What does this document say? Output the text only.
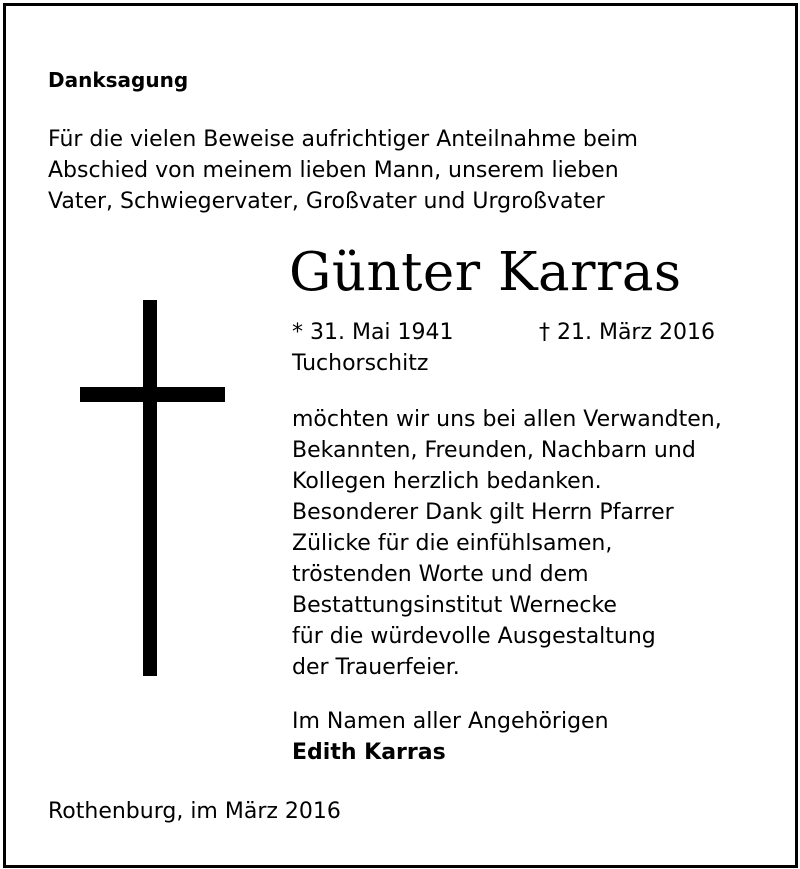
Danksagung
Für die vielen Beweise aufrichtiger Anteilnahme beim
Abschied von meinem lieben Mann, unserem lieben
Vater, Schwiegervater, Großvater und Urgroßvater
Günter Karras
* 31. Mai 1941	† 21. März 2016
Tuchorschitz
möchten wir uns bei allen Verwandten,
Bekannten, Freunden, Nachbarn und
Kollegen herzlich bedanken.
Besonderer Dank gilt Herrn Pfarrer
Zülicke für die einfühlsamen,
tröstenden Worte und dem
Bestattungsinstitut Wernecke
für die würdevolle Ausgestaltung
der Trauerfeier.
Im Namen aller Angehörigen
Edith Karras
Rothenburg, im März 2016
